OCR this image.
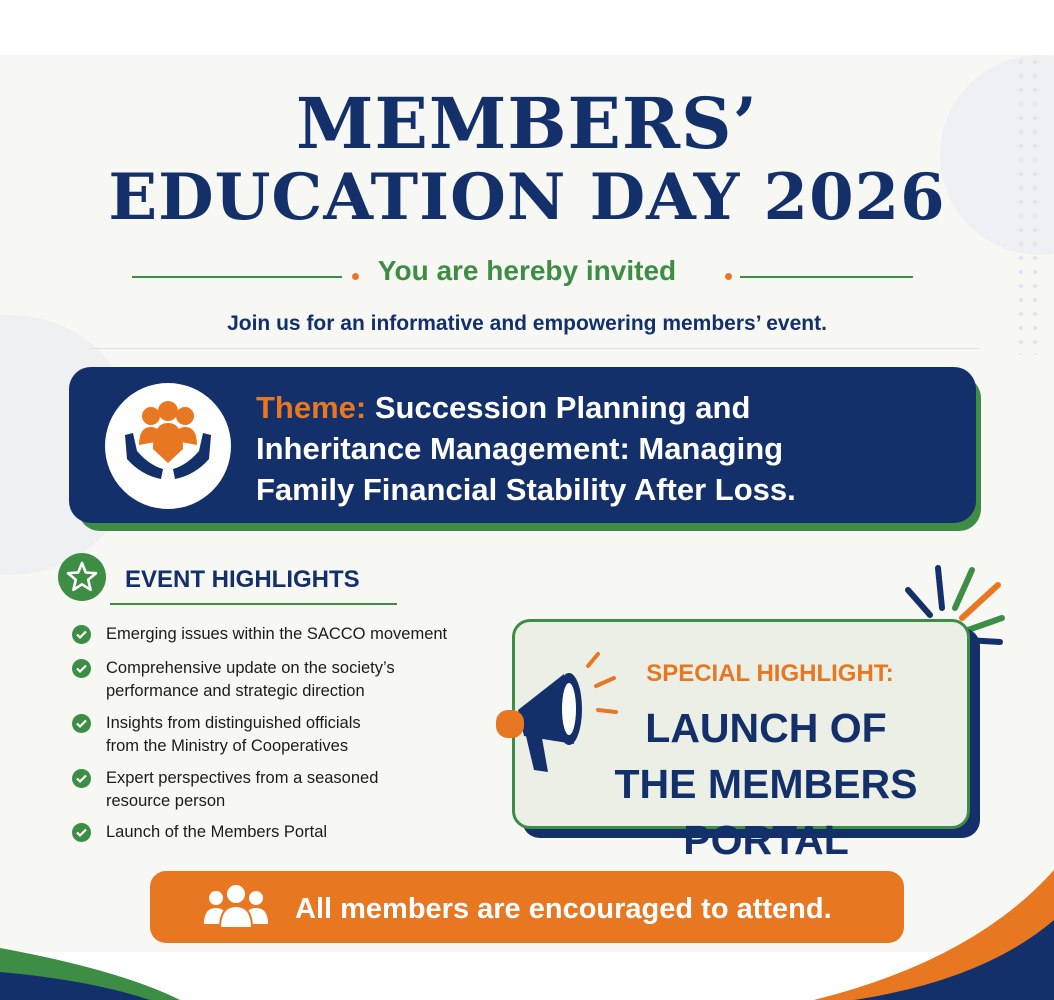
MEMBERS’
EDUCATION DAY 2026
You are hereby invited
Join us for an informative and empowering members’ event.
Theme: Succession Planning and
Inheritance Management: Managing
Family Financial Stability After Loss.
EVENT HIGHLIGHTS
Emerging issues within the SACCO movement
Comprehensive update on the society’s
performance and strategic direction
Insights from distinguished officials
from the Ministry of Cooperatives
Expert perspectives from a seasoned
resource person
Launch of the Members Portal
SPECIAL HIGHLIGHT:
LAUNCH OF
THE MEMBERS PORTAL
All members are encouraged to attend.
